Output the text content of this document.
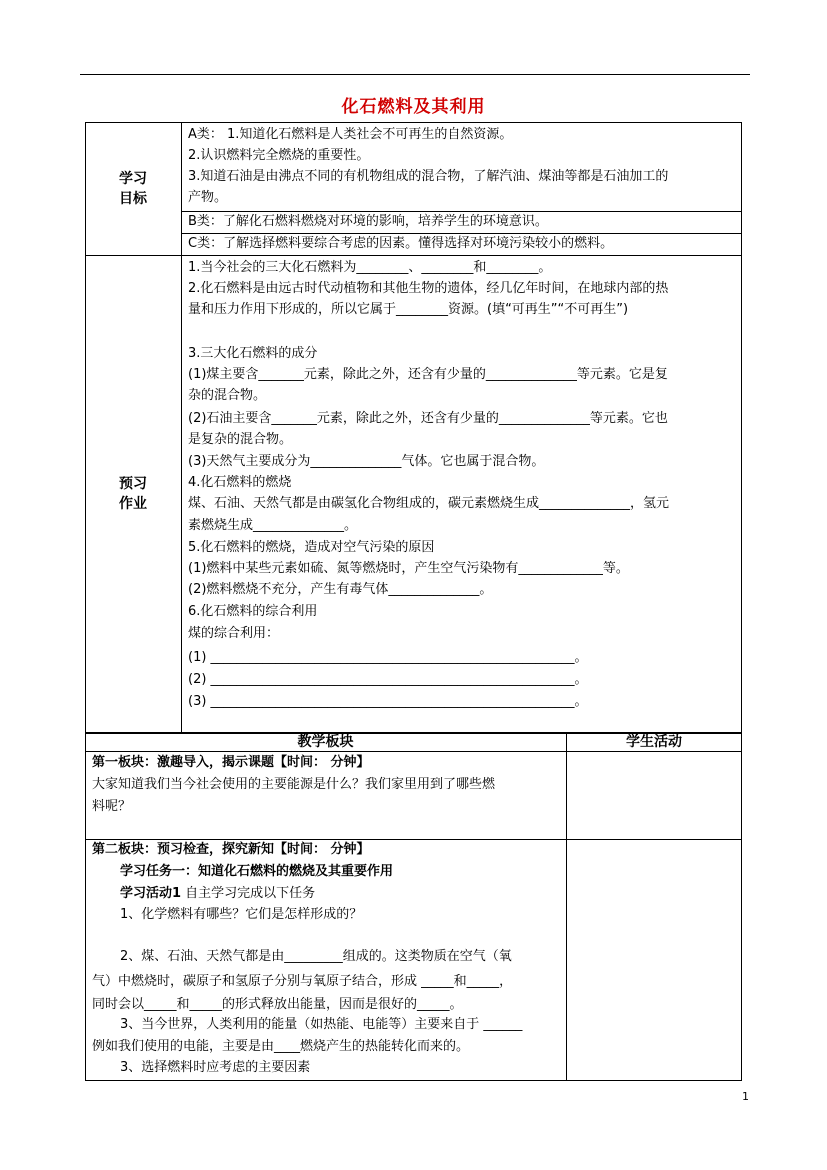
化石燃料及其利用
学习
目标
A类： 1.知道化石燃料是人类社会不可再生的自然资源。
2.认识燃料完全燃烧的重要性。
3.知道石油是由沸点不同的有机物组成的混合物，了解汽油、煤油等都是石油加工的
产物。
B类：了解化石燃料燃烧对环境的影响，培养学生的环境意识。
C类：了解选择燃料要综合考虑的因素。懂得选择对环境污染较小的燃料。
预习
作业
1.当今社会的三大化石燃料为________、________和________。
2.化石燃料是由远古时代动植物和其他生物的遗体，经几亿年时间，在地球内部的热
量和压力作用下形成的，所以它属于________资源。(填“可再生”“不可再生”)
3.三大化石燃料的成分
(1)煤主要含_______元素，除此之外，还含有少量的______________等元素。它是复
杂的混合物。
(2)石油主要含_______元素，除此之外，还含有少量的______________等元素。它也
是复杂的混合物。
(3)天然气主要成分为______________气体。它也属于混合物。
4.化石燃料的燃烧
煤、石油、天然气都是由碳氢化合物组成的，碳元素燃烧生成______________，氢元
素燃烧生成______________。
5.化石燃料的燃烧，造成对空气污染的原因
(1)燃料中某些元素如硫、氮等燃烧时，产生空气污染物有_____________等。
(2)燃料燃烧不充分，产生有毒气体______________。
6.化石燃料的综合利用
煤的综合利用：
(1) ________________________________________________________。
(2) ________________________________________________________。
(3) ________________________________________________________。
教学板块	学生活动
第一板块：激趣导入，揭示课题【时间： 分钟】
大家知道我们当今社会使用的主要能源是什么？我们家里用到了哪些燃
料呢？
第二板块：预习检查，探究新知【时间： 分钟】
学习任务一：知道化石燃料的燃烧及其重要作用
学习活动1 自主学习完成以下任务
1、化学燃料有哪些？它们是怎样形成的？
2、煤、石油、天然气都是由_________组成的。这类物质在空气（氧
气）中燃烧时，碳原子和氢原子分别与氧原子结合，形成 _____和_____，
同时会以_____和_____的形式释放出能量，因而是很好的_____。
3、当今世界，人类利用的能量（如热能、电能等）主要来自于 ______
例如我们使用的电能，主要是由____燃烧产生的热能转化而来的。
3、选择燃料时应考虑的主要因素
1
